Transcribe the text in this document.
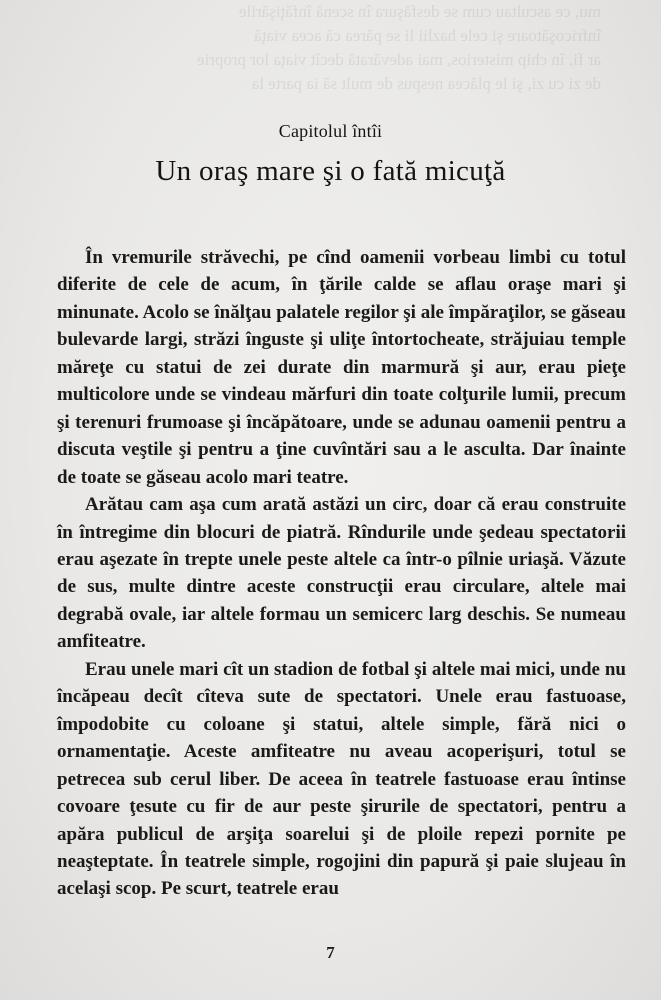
mu, ce ascultau cum se desfăşura în scenă înfăţişările

înfricoşătoare şi cele hazlii li se părea că acea viaţă

ar fi, în chip misterios, mai adevărată decît viaţa lor proprie

de zi cu zi, şi le plăcea nespus de mult să ia parte la

Capitolul întîi
Un oraş mare şi o fată micuţă

În vremurile străvechi, pe cînd oamenii vorbeau limbi cu totul diferite de cele de acum, în ţările calde se aflau oraşe mari şi minunate. Acolo se înălţau palatele regilor şi ale împăraţilor, se găseau bulevarde largi, străzi înguste şi uliţe întortocheate, străjuiau temple măreţe cu statui de zei durate din marmură şi aur, erau pieţe multicolore unde se vindeau mărfuri din toate colţurile lumii, precum şi terenuri frumoase şi încăpătoare, unde se adunau oamenii pentru a discuta veştile şi pentru a ţine cuvîntări sau a le asculta. Dar înainte de toate se găseau acolo mari teatre.

Arătau cam aşa cum arată astăzi un circ, doar că erau construite în întregime din blocuri de piatră. Rîndurile unde şedeau spectatorii erau aşezate în trepte unele peste altele ca într-o pîlnie uriaşă. Văzute de sus, multe dintre aceste construcţii erau circulare, altele mai degrabă ovale, iar altele formau un semicerc larg deschis. Se numeau amfiteatre.

Erau unele mari cît un stadion de fotbal şi altele mai mici, unde nu încăpeau decît cîteva sute de spectatori. Unele erau fastuoase, împodobite cu coloane şi statui, altele simple, fără nici o ornamentaţie. Aceste amfiteatre nu aveau acoperişuri, totul se petrecea sub cerul liber. De aceea în teatrele fastuoase erau întinse covoare ţesute cu fir de aur peste şirurile de spectatori, pentru a apăra publicul de arşiţa soarelui şi de ploile repezi pornite pe neaşteptate. În teatrele simple, rogojini din papură şi paie slujeau în acelaşi scop. Pe scurt, teatrele erau

7
